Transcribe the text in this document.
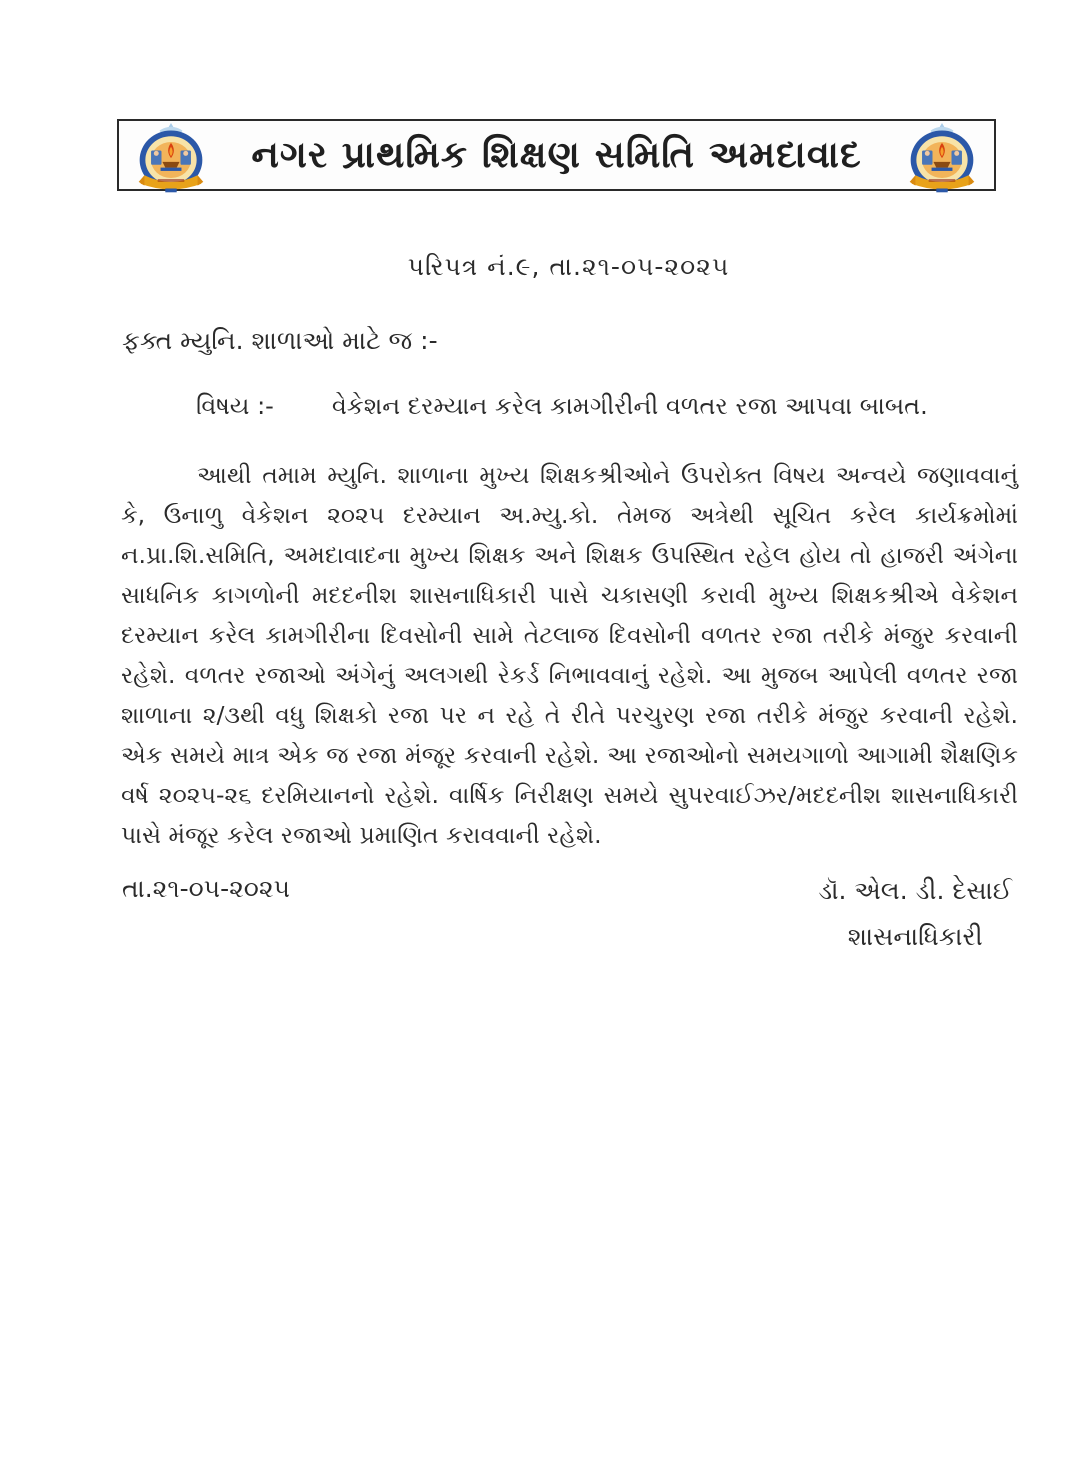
નગર પ્રાથમિક શિક્ષણ સમિતિ અમદાવાદ
પરિપત્ર નં.૯, તા.૨૧-૦૫-૨૦૨૫
ફક્ત મ્યુનિ. શાળાઓ માટે જ :-
વિષય :- વેકેશન દરમ્યાન કરેલ કામગીરીની વળતર રજા આપવા બાબત.
આથી તમામ મ્યુનિ. શાળાના મુખ્ય શિક્ષકશ્રીઓને ઉપરોક્ત વિષય અન્વયે જણાવવાનું કે, ઉનાળુ વેકેશન ૨૦૨૫ દરમ્યાન અ.મ્યુ.કો. તેમજ અત્રેથી સૂચિત કરેલ કાર્યક્રમોમાં ન.પ્રા.શિ.સમિતિ, અમદાવાદના મુખ્ય શિક્ષક અને શિક્ષક ઉપસ્થિત રહેલ હોય તો હાજરી અંગેના સાધનિક કાગળોની મદદનીશ શાસનાધિકારી પાસે ચકાસણી કરાવી મુખ્ય શિક્ષકશ્રીએ વેકેશન દરમ્યાન કરેલ કામગીરીના દિવસોની સામે તેટલાજ દિવસોની વળતર રજા તરીકે મંજુર કરવાની રહેશે. વળતર રજાઓ અંગેનું અલગથી રેકર્ડ નિભાવવાનું રહેશે. આ મુજબ આપેલી વળતર રજા શાળાના ૨/૩થી વધુ શિક્ષકો રજા પર ન રહે તે રીતે પરચુરણ રજા તરીકે મંજુર કરવાની રહેશે. એક સમયે માત્ર એક જ રજા મંજૂર કરવાની રહેશે. આ રજાઓનો સમયગાળો આગામી શૈક્ષણિક વર્ષ ૨૦૨૫-૨૬ દરમિયાનનો રહેશે. વાર્ષિક નિરીક્ષણ સમયે સુપરવાઈઝર/મદદનીશ શાસનાધિકારી પાસે મંજૂર કરેલ રજાઓ પ્રમાણિત કરાવવાની રહેશે.
તા.૨૧-૦૫-૨૦૨૫	ડૉ. એલ. ડી. દેસાઈ
શાસનાધિકારી
